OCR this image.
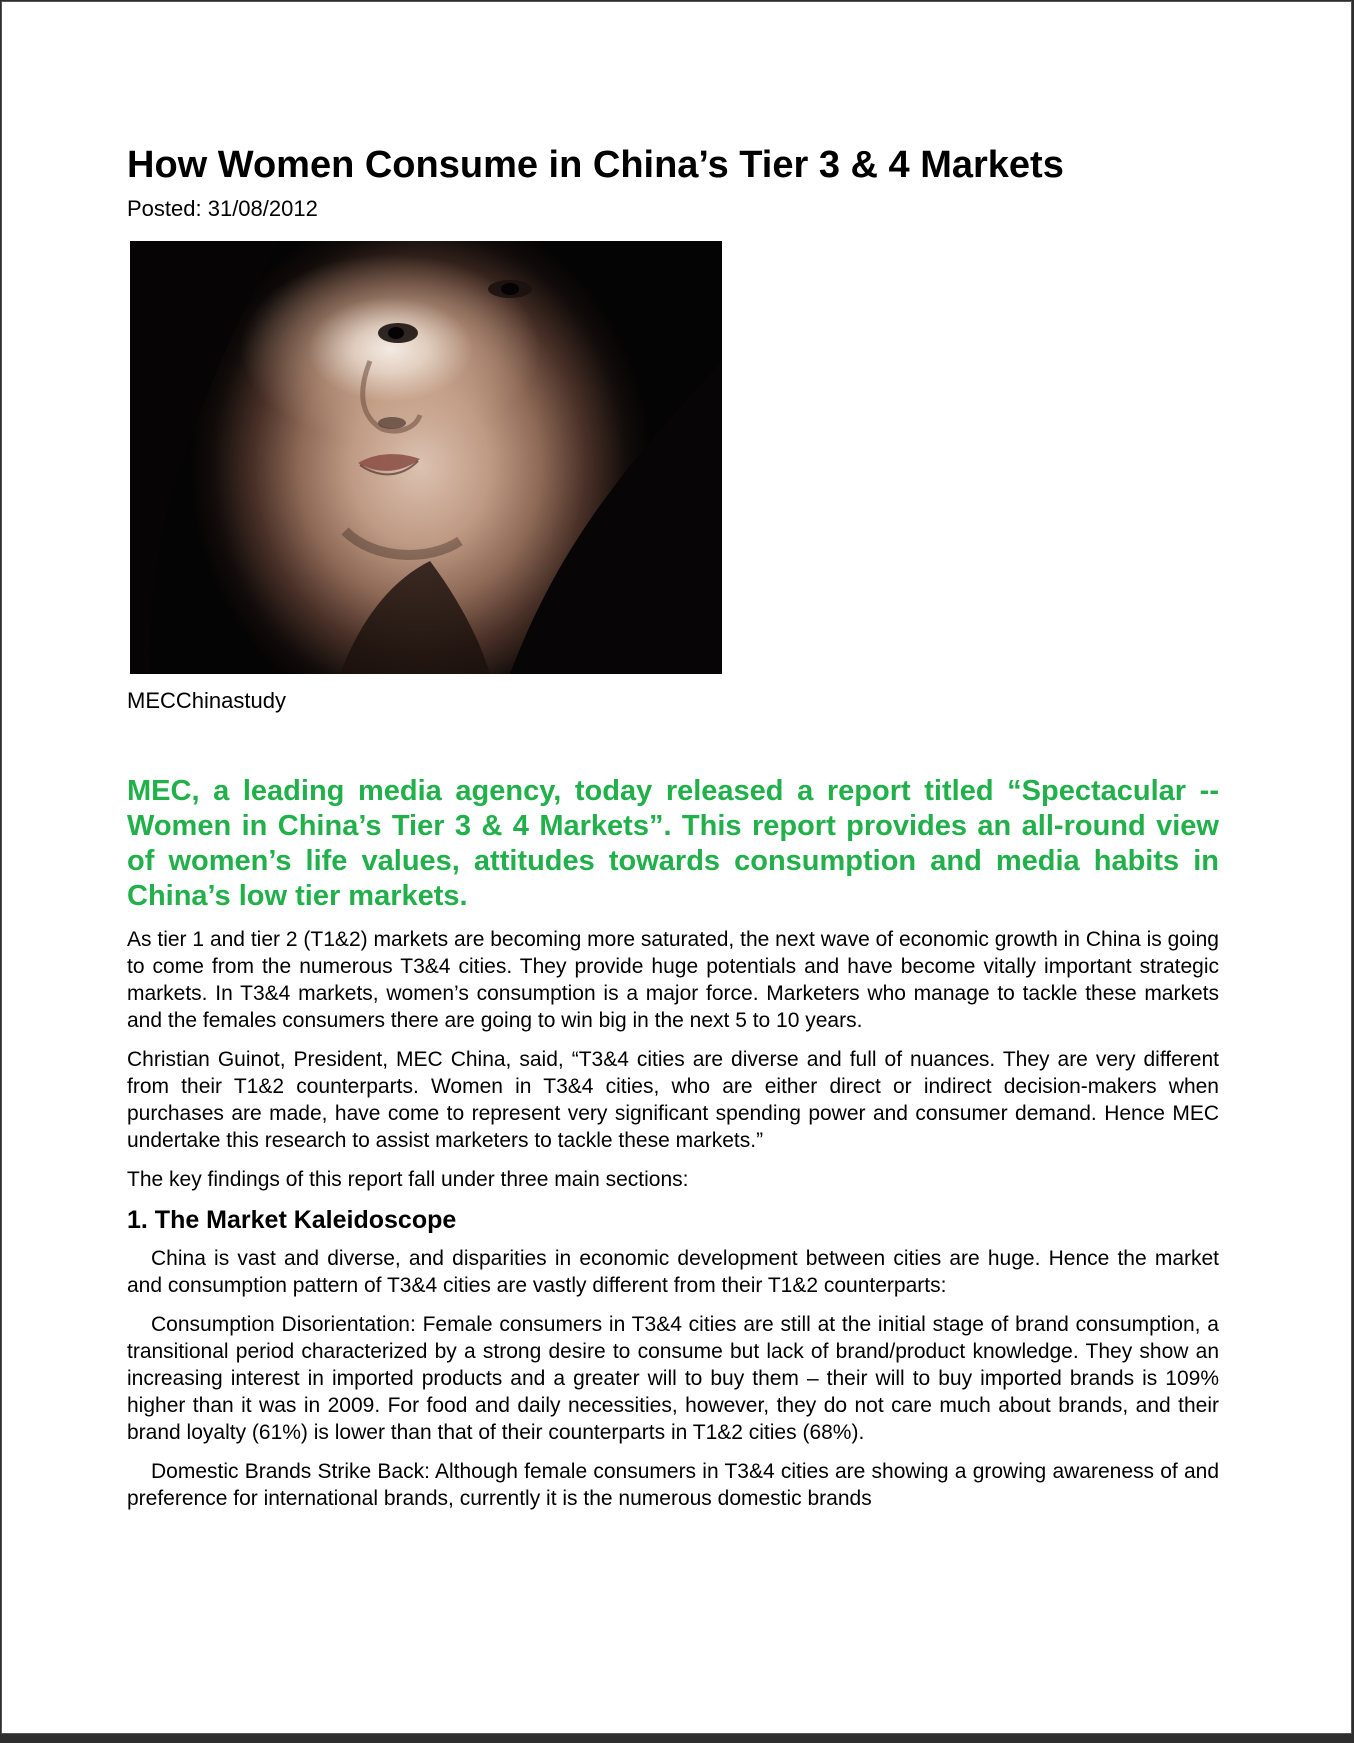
How Women Consume in China’s Tier 3 & 4 Markets
Posted: 31/08/2012
MECChinastudy

MEC, a leading media agency, today released a report titled “Spectacular -- Women in China’s Tier 3 & 4 Markets”. This report provides an all-round view of women’s life values, attitudes towards consumption and media habits in China’s low tier markets.

As tier 1 and tier 2 (T1&2) markets are becoming more saturated, the next wave of economic growth in China is going to come from the numerous T3&4 cities. They provide huge potentials and have become vitally important strategic markets. In T3&4 markets, women’s consumption is a major force. Marketers who manage to tackle these markets and the females consumers there are going to win big in the next 5 to 10 years.

Christian Guinot, President, MEC China, said, “T3&4 cities are diverse and full of nuances. They are very different from their T1&2 counterparts. Women in T3&4 cities, who are either direct or indirect decision-makers when purchases are made, have come to represent very significant spending power and consumer demand. Hence MEC undertake this research to assist marketers to tackle these markets.”

The key findings of this report fall under three main sections:

1. The Market Kaleidoscope

China is vast and diverse, and disparities in economic development between cities are huge. Hence the market and consumption pattern of T3&4 cities are vastly different from their T1&2 counterparts:

Consumption Disorientation: Female consumers in T3&4 cities are still at the initial stage of brand consumption, a transitional period characterized by a strong desire to consume but lack of brand/product knowledge. They show an increasing interest in imported products and a greater will to buy them – their will to buy imported brands is 109% higher than it was in 2009. For food and daily necessities, however, they do not care much about brands, and their brand loyalty (61%) is lower than that of their counterparts in T1&2 cities (68%).

Domestic Brands Strike Back: Although female consumers in T3&4 cities are showing a growing awareness of and preference for international brands, currently it is the numerous domestic brands
